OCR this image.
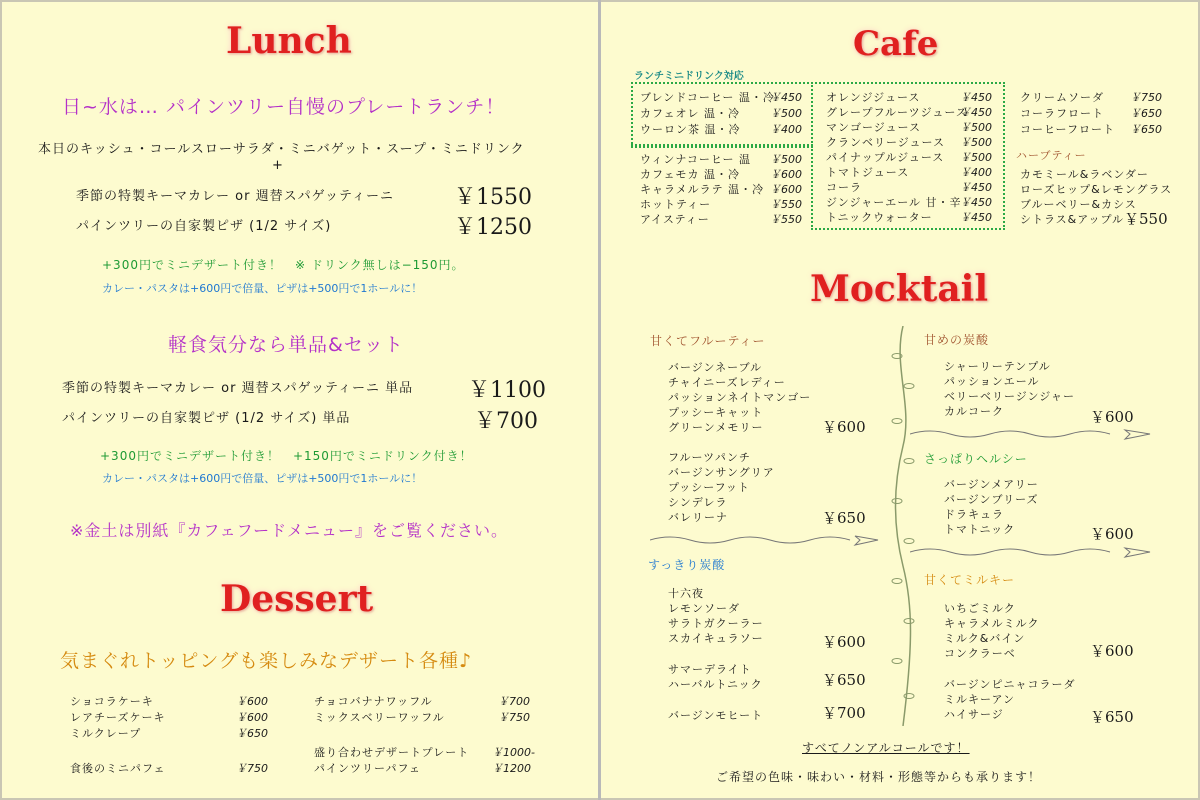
Lunch
日~水は… パインツリー自慢のプレートランチ！
本日のキッシュ・コールスローサラダ・ミニバゲット・スープ・ミニドリンク
+
季節の特製キーマカレー or 週替スパゲッティーニ	￥1550
パインツリーの自家製ピザ (1/2 サイズ)	￥1250
+300円でミニデザート付き！　※ ドリンク無しは−150円。
カレー・パスタは+600円で倍量、ピザは+500円で1ホールに！
軽食気分なら単品&セット
季節の特製キーマカレー or 週替スパゲッティーニ 単品 ￥1100
パインツリーの自家製ピザ (1/2 サイズ) 単品	￥700
+300円でミニデザート付き！　+150円でミニドリンク付き！
カレー・パスタは+600円で倍量、ピザは+500円で1ホールに！
※金土は別紙『カフェフードメニュー』をご覧ください。
Dessert
気まぐれトッピングも楽しみなデザート各種♪
ショコラケーキ	￥600
レアチーズケーキ	￥600
ミルクレープ	￥650
食後のミニパフェ	￥750
チョコバナナワッフル	￥700
ミックスベリーワッフル	￥750
盛り合わせデザートプレート ￥1000-
パインツリーパフェ	￥1200
Cafe
ランチミニドリンク対応
ブレンドコーヒー 温・冷
￥450
カフェオレ 温・冷	￥500
ウーロン茶 温・冷	￥400
ウィンナコーヒー 温 ￥500
カフェモカ 温・冷	￥600
キャラメルラテ 温・冷 ￥600
ホットティー	￥550
アイスティー	￥550
オレンジジュース	￥450
グレープフルーツジュース
￥450
マンゴージュース	￥500
クランベリージュース ￥500
パイナップルジュース ￥500
トマトジュース	￥400
コーラ	￥450
ジンジャーエール 甘・辛
￥450
トニックウォーター ￥450
クリームソーダ ￥750
コーラフロート ￥650
コーヒーフロート ￥650
ハーブティー
カモミール&ラベンダー
ローズヒップ&レモングラス
ブルーベリー&カシス
シトラス&アップル ￥550
Mocktail
甘くてフルーティー
バージンネーブル
チャイニーズレディー
パッションネイトマンゴー
プッシーキャット
グリーンメモリー	￥600
フルーツパンチ
バージンサングリア
プッシーフット
シンデレラ
バレリーナ	￥650
すっきり炭酸
十六夜
レモンソーダ
サラトガクーラー
スカイキュラソー	￥600
サマーデライト
ハーバルトニック	￥650
バージンモヒート	￥700
甘めの炭酸
シャーリーテンプル
パッションエール
ベリーベリージンジャー
カルコーク	￥600
さっぱりヘルシー
バージンメアリー
バージンブリーズ
ドラキュラ
トマトニック	￥600
甘くてミルキー
いちごミルク
キャラメルミルク
ミルク&バイン
コンクラーベ	￥600
バージンピニャコラーダ
ミルキーアン
ハイサージ	￥650
すべてノンアルコールです！
ご希望の色味・味わい・材料・形態等からも承ります！
